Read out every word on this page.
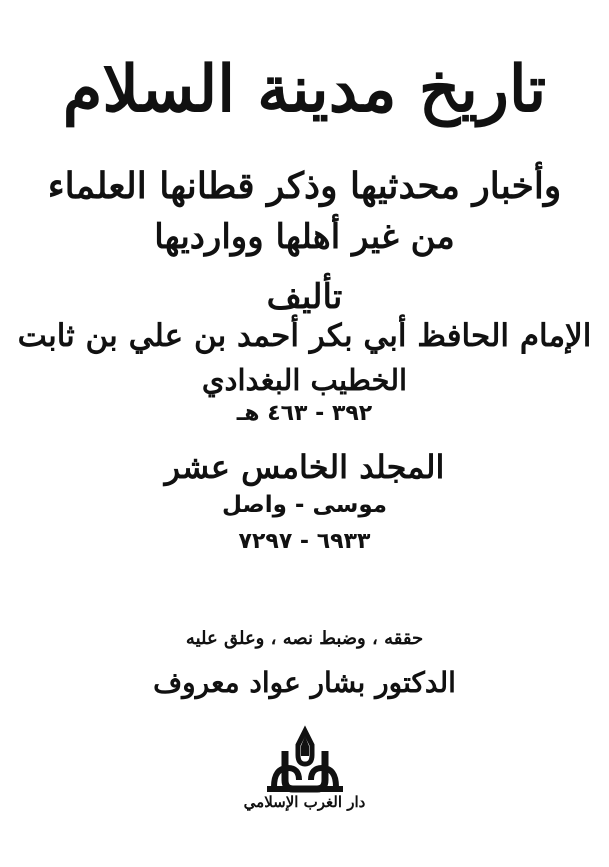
تاريخ مدينة السلام
وأخبار محدثيها وذكر قطانها العلماء
من غير أهلها ووارديها
تأليف
الإمام الحافظ أبي بكر أحمد بن علي بن ثابت
الخطيب البغدادي
٣٩٢ - ٤٦٣ هـ
المجلد الخامس عشر
موسى - واصل
٦٩٣٣ - ٧٢٩٧
حققه ، وضبط نصه ، وعلق عليه
الدكتور بشار عواد معروف
دار الغرب الإسلامي
